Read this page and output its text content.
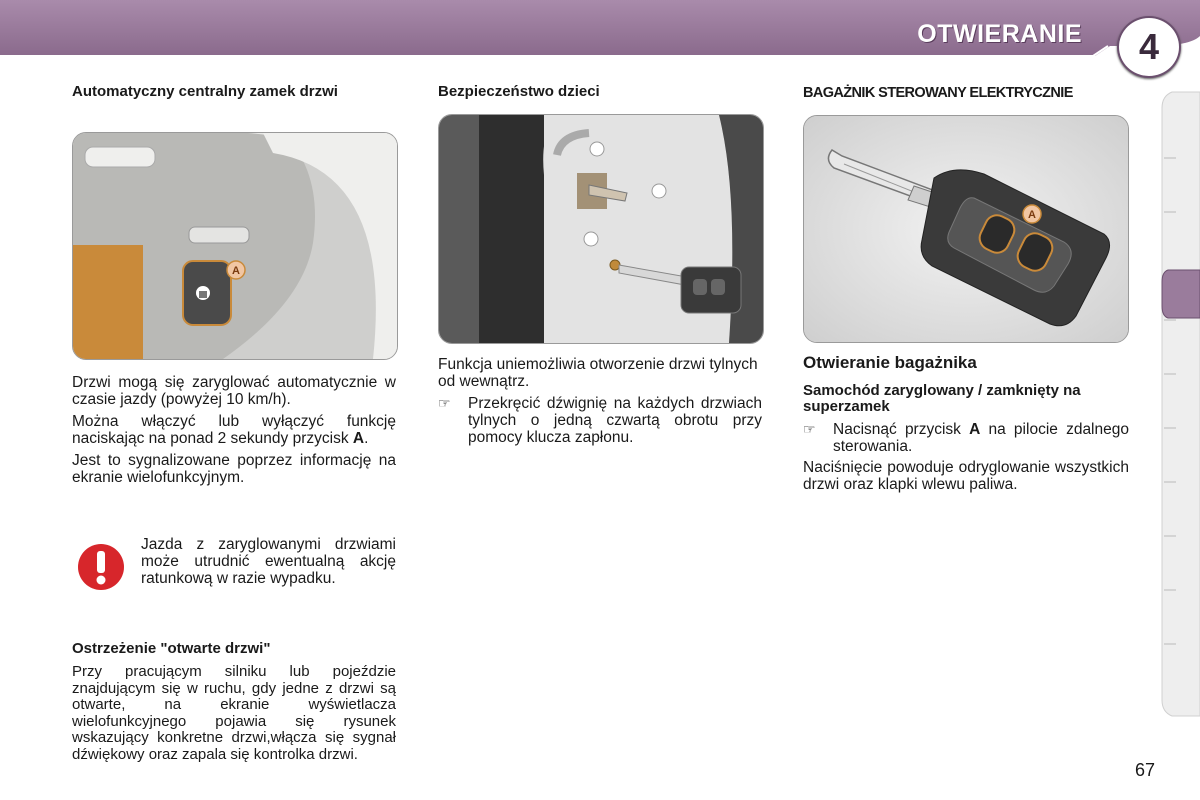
OTWIERANIE	4

Automatyczny centralny zamek drzwi

A

Drzwi mogą się zaryglować automatycznie w czasie jazdy (powyżej 10 km/h).

Można włączyć lub wyłączyć funkcję naciskając na ponad 2 sekundy przycisk A.

Jest to sygnalizowane poprzez informację na ekranie wielofunkcyjnym.

Jazda z zaryglowanymi drzwiami może utrudnić ewentualną akcję ratunkową w razie wypadku.

Ostrzeżenie "otwarte drzwi"

Przy pracującym silniku lub pojeździe znajdującym się w ruchu, gdy jedne z drzwi są otwarte, na ekranie wyświetlacza wielofunkcyjnego pojawia się rysunek wskazujący konkretne drzwi,włącza się sygnał dźwiękowy oraz zapala się kontrolka drzwi.

Bezpieczeństwo dzieci

Funkcja uniemożliwia otworzenie drzwi tylnych od wewnątrz.

☞ Przekręcić dźwignię na każdych drzwiach tylnych o jedną czwartą obrotu przy pomocy klucza zapłonu.

BAGAŻNIK STEROWANY ELEKTRYCZNIE

A

Otwieranie bagażnika

Samochód zaryglowany / zamknięty na superzamek

☞ Nacisnąć przycisk A na pilocie zdalnego sterowania.

Naciśnięcie powoduje odryglowanie wszystkich drzwi oraz klapki wlewu paliwa.

67
